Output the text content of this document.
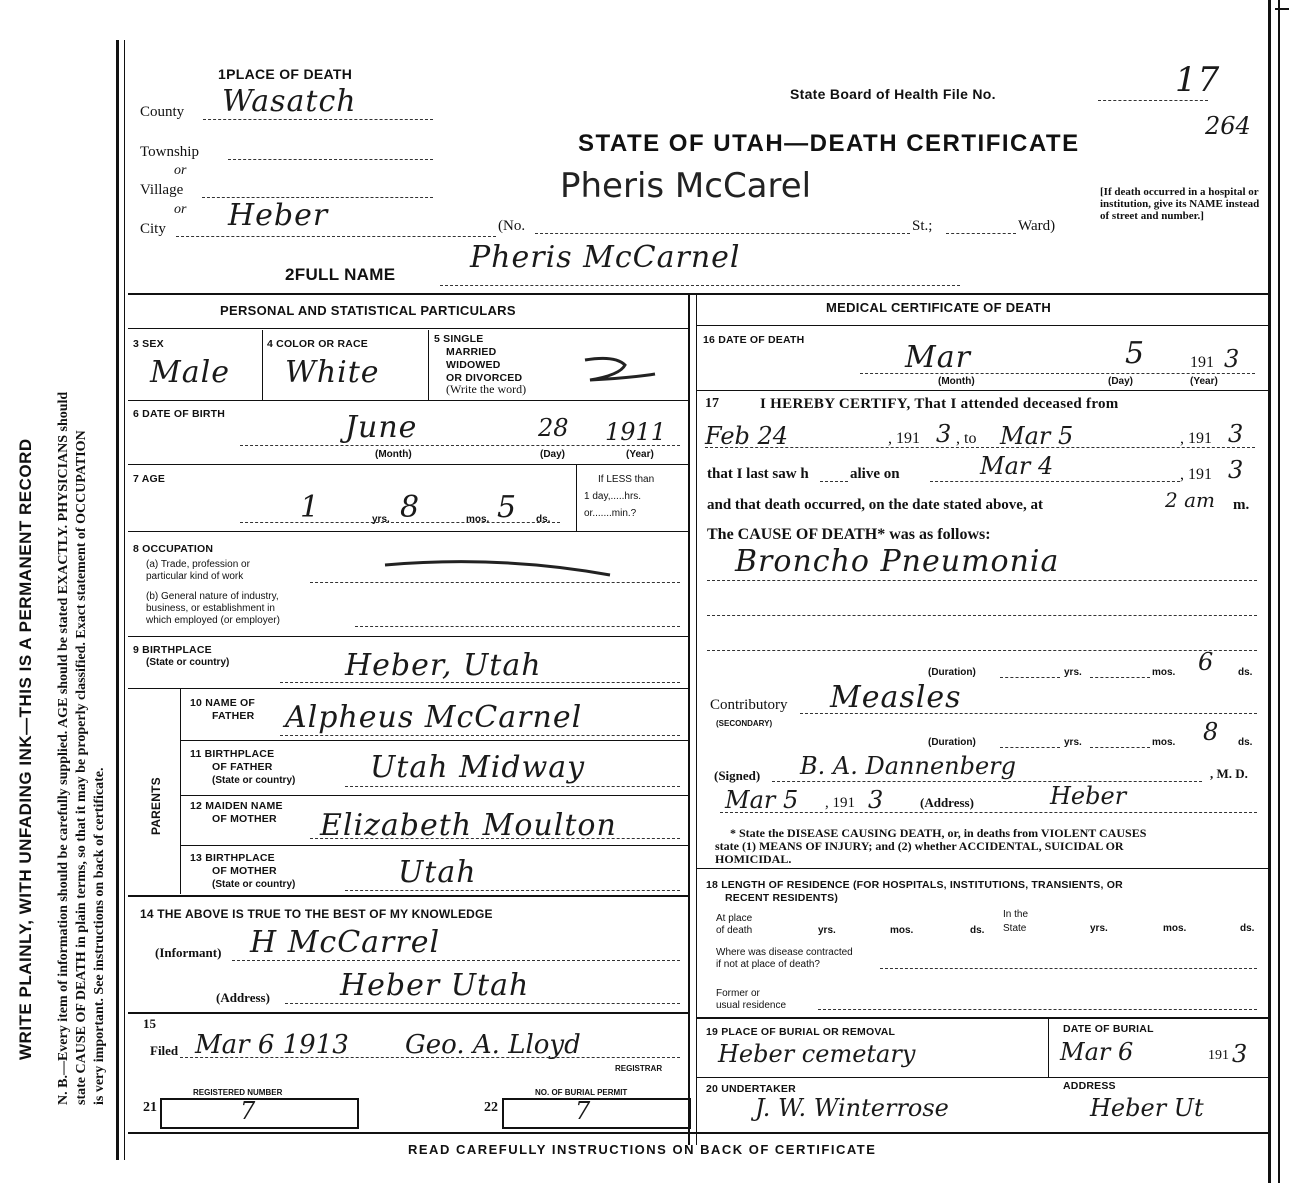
WRITE PLAINLY, WITH UNFADING INK—THIS IS A PERMANENT RECORD N. B.—Every item of information should be carefully supplied. AGE should be stated EXACTLY. PHYSICIANS should state CAUSE OF DEATH in plain terms, so that it may be properly classified. Exact statement of OCCUPATION is very important. See instructions on back of certificate.
1PLACE OF DEATH
County Wasatch
Township
or
Village
or
City Heber	(No.	St.;	Ward)
[If death occurred in a hospital or institution, give its NAME instead of street and number.]
State Board of Health File No.	17
264
STATE OF UTAH—DEATH CERTIFICATE
Pheris McCarel
2FULL NAME Pheris McCarnel
PERSONAL AND STATISTICAL PARTICULARS
3 SEX
Male
4 COLOR OR RACE
White
5 SINGLE
MARRIED
WIDOWED
OR DIVORCED
(Write the word)
6 DATE OF BIRTH	June	28 1911
(Month)	(Day)	(Year)
7 AGE
1	yrs. 8	mos. 5 ds.
If LESS than
1 day,.....hrs.
or.......min.?
8 OCCUPATION
(a) Trade, profession or
particular kind of work
(b) General nature of industry,
business, or establishment in
which employed (or employer)
9 BIRTHPLACE
(State or country)	Heber, Utah
PARENTS
10 NAME OF
FATHER Alpheus McCarnel
11 BIRTHPLACE
OF FATHER
(State or country) Utah Midway
12 MAIDEN NAME
OF MOTHER Elizabeth Moulton
13 BIRTHPLACE
OF MOTHER
(State or country)	Utah
14 THE ABOVE IS TRUE TO THE BEST OF MY KNOWLEDGE
(Informant) H McCarrel
(Address) Heber Utah
15
Filed Mar 6 1913 Geo. A. Lloyd
REGISTRAR
REGISTERED NUMBER
21	7
NO. OF BURIAL PERMIT
22	7
MEDICAL CERTIFICATE OF DEATH
16 DATE OF DEATH	Mar	5	191 3
(Month)	(Day)	(Year)
17	I HEREBY CERTIFY, That I attended deceased from
Feb 24	, 191 3 , to Mar 5	, 191 3
that I last saw h	alive on	Mar 4	, 191 3
and that death occurred, on the date stated above, at	2 am m.
The CAUSE OF DEATH* was as follows:
Broncho Pneumonia
(Duration)	yrs.	mos. 6 ds.
Contributory
(SECONDARY)
Measles
(Duration)	yrs.	mos. 8 ds.
(Signed) B. A. Dannenberg	, M. D.
Mar 5 , 191 3	(Address)	Heber
* State the DISEASE CAUSING DEATH, or, in deaths from VIOLENT CAUSES
state (1) MEANS OF INJURY; and (2) whether ACCIDENTAL, SUICIDAL OR
HOMICIDAL.
18 LENGTH OF RESIDENCE (FOR HOSPITALS, INSTITUTIONS, TRANSIENTS, OR
RECENT RESIDENTS)
At place
of death	yrs.	mos.	ds.
In the
State	yrs.	mos.	ds.
Where was disease contracted
if not at place of death?
Former or
usual residence
19 PLACE OF BURIAL OR REMOVAL
Heber cemetary
DATE OF BURIAL
Mar 6	191 3
20 UNDERTAKER
J. W. Winterrose
ADDRESS
Heber Ut
READ CAREFULLY INSTRUCTIONS ON BACK OF CERTIFICATE
